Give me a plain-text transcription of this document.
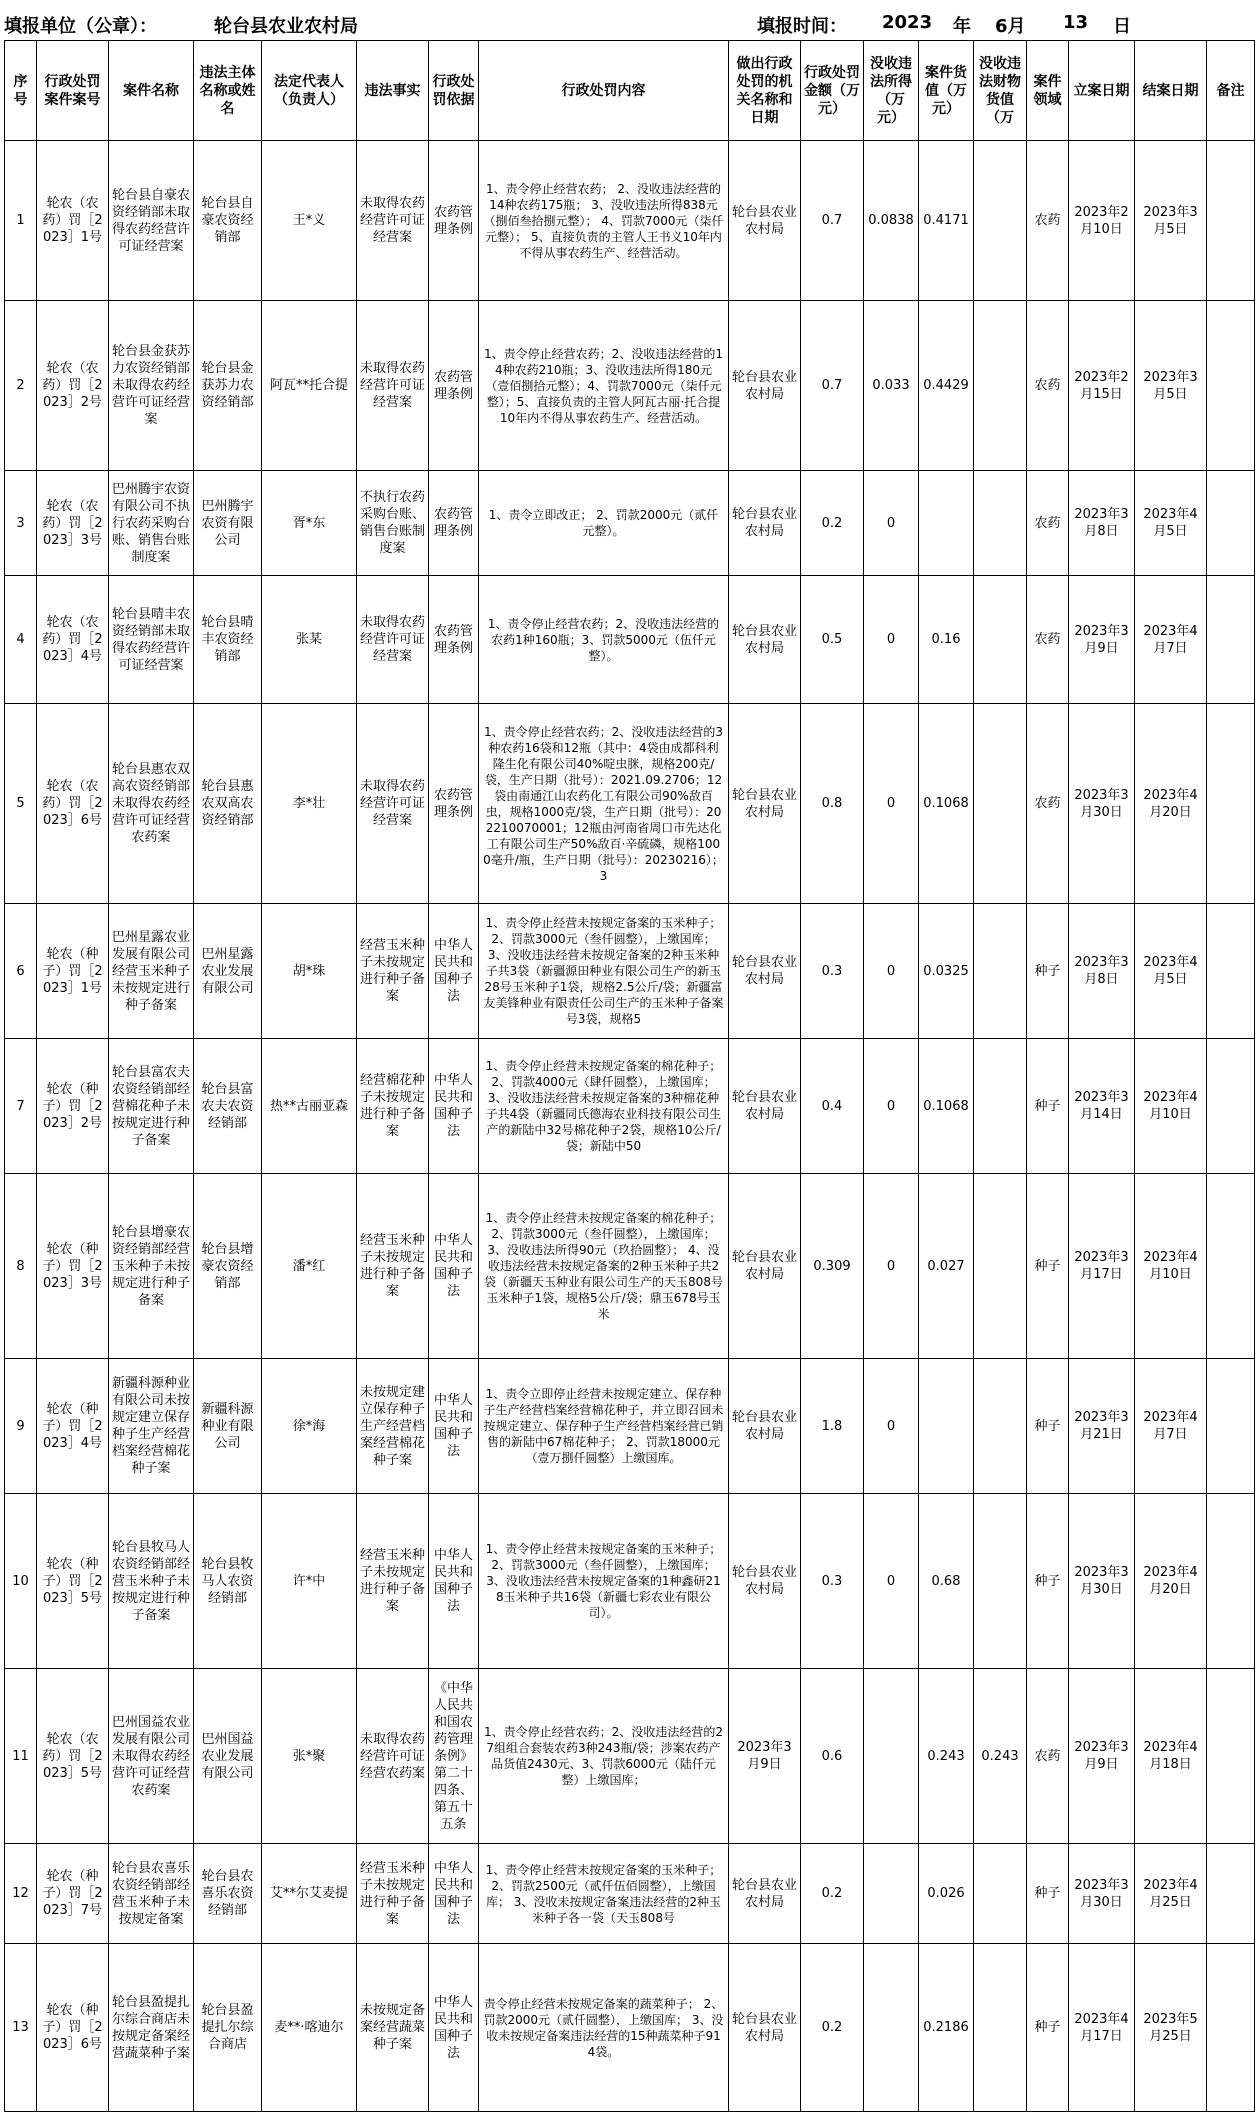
填报单位（公章）：	轮台县农业农村局	填报时间： 2023 年 6月 13 日
序号	行政处罚案件案号	案件名称	违法主体名称或姓名	法定代表人（负责人）	违法事实	行政处罚依据	行政处罚内容	做出行政处罚的机关名称和日期	行政处罚金额（万元）	没收违法所得（万元）	案件货值（万元）	没收违法财物货值（万	案件领域	立案日期	结案日期	备注

1	轮农（农药）罚［2023］1号	轮台县自豪农资经销部未取得农药经营许可证经营案	轮台县自豪农资经销部	王*义	未取得农药经营许可证经营案	农药管理条例	1、责令停止经营农药； 2、没收违法经营的14种农药175瓶； 3、没收违法所得838元（捌佰叁拾捌元整）； 4、罚款7000元（柒仟元整）； 5、直接负责的主管人王书义10年内不得从事农药生产、经营活动。	轮台县农业农村局	0.7	0.0838	0.4171		农药	2023年2月10日	2023年3月5日	

2	轮农（农药）罚［2023］2号	轮台县金获苏力农资经销部未取得农药经营许可证经营案	轮台县金获苏力农资经销部	阿瓦**托合提	未取得农药经营许可证经营案	农药管理条例	1、责令停止经营农药；2、没收违法经营的14种农药210瓶；3、没收违法所得180元（壹佰捌拾元整）；4、罚款7000元（柒仟元整）；5、直接负责的主管人阿瓦古丽·托合提10年内不得从事农药生产、经营活动。	轮台县农业农村局	0.7	0.033	0.4429		农药	2023年2月15日	2023年3月5日	

3	轮农（农药）罚［2023］3号	巴州腾宇农资有限公司不执行农药采购台账、销售台账制度案	巴州腾宇农资有限公司	胥*东	不执行农药采购台账、销售台账制度案	农药管理条例	1、责令立即改正； 2、罚款2000元（贰仟元整）。	轮台县农业农村局	0.2	0			农药	2023年3月8日	2023年4月5日	

4	轮农（农药）罚［2023］4号	轮台县晴丰农资经销部未取得农药经营许可证经营案	轮台县晴丰农资经销部	张某	未取得农药经营许可证经营案	农药管理条例	1、责令停止经营农药；2、没收违法经营的农药1种160瓶；3、罚款5000元（伍仟元整）。	轮台县农业农村局	0.5	0	0.16		农药	2023年3月9日	2023年4月7日	

5	轮农（农药）罚［2023］6号	轮台县惠农双高农资经销部未取得农药经营许可证经营农药案	轮台县惠农双高农资经销部	李*壮	未取得农药经营许可证经营案	农药管理条例	1、责令停止经营农药；2、没收违法经营的3种农药16袋和12瓶（其中：4袋由成都科利隆生化有限公司40%啶虫脒，规格200克/袋，生产日期（批号）：2021.09.2706；12袋由南通江山农药化工有限公司90%敌百虫，规格1000克/袋，生产日期（批号）：202210070001；12瓶由河南省周口市先达化工有限公司生产50%敌百·辛硫磷，规格1000毫升/瓶，生产日期（批号）：20230216）；3	轮台县农业农村局	0.8	0	0.1068		农药	2023年3月30日	2023年4月20日	

6	轮农（种子）罚［2023］1号	巴州星露农业发展有限公司经营玉米种子未按规定进行种子备案	巴州星露农业发展有限公司	胡*珠	经营玉米种子未按规定进行种子备案	中华人民共和国种子法	1、责令停止经营未按规定备案的玉米种子；2、罚款3000元（叁仟圆整），上缴国库；3、没收违法经营未按规定备案的2种玉米种子共3袋（新疆源田种业有限公司生产的新玉28号玉米种子1袋，规格2.5公斤/袋；新疆富友美锋种业有限责任公司生产的玉米种子备案号3袋，规格5	轮台县农业农村局	0.3	0	0.0325		种子	2023年3月8日	2023年4月5日	

7	轮农（种子）罚［2023］2号	轮台县富农夫农资经销部经营棉花种子未按规定进行种子备案	轮台县富农夫农资经销部	热**古丽亚森	经营棉花种子未按规定进行种子备案	中华人民共和国种子法	1、责令停止经营未按规定备案的棉花种子； 2、罚款4000元（肆仟圆整），上缴国库； 3、没收违法经营未按规定备案的3种棉花种子共4袋（新疆同氏德海农业科技有限公司生产的新陆中32号棉花种子2袋，规格10公斤/袋；新陆中50	轮台县农业农村局	0.4	0	0.1068		种子	2023年3月14日	2023年4月10日	

8	轮农（种子）罚［2023］3号	轮台县增豪农资经销部经营玉米种子未按规定进行种子备案	轮台县增豪农资经销部	潘*红	经营玉米种子未按规定进行种子备案	中华人民共和国种子法	1、责令停止经营未按规定备案的棉花种子； 2、罚款3000元（叁仟圆整），上缴国库； 3、没收违法所得90元（玖拾圆整）； 4、没收违法经营未按规定备案的2种玉米种子共2袋（新疆天玉种业有限公司生产的天玉808号玉米种子1袋，规格5公斤/袋；鼎玉678号玉米	轮台县农业农村局	0.309	0	0.027		种子	2023年3月17日	2023年4月10日	

9	轮农（种子）罚［2023］4号	新疆科源种业有限公司未按规定建立保存种子生产经营档案经营棉花种子案	新疆科源种业有限公司	徐*海	未按规定建立保存种子生产经营档案经营棉花种子案	中华人民共和国种子法	1、责令立即停止经营未按规定建立、保存种子生产经营档案经营棉花种子，并立即召回未按规定建立、保存种子生产经营档案经营已销售的新陆中67棉花种子； 2、罚款18000元（壹万捌仟圆整）上缴国库。	轮台县农业农村局	1.8	0			种子	2023年3月21日	2023年4月7日	

10	轮农（种子）罚［2023］5号	轮台县牧马人农资经销部经营玉米种子未按规定进行种子备案	轮台县牧马人农资经销部	许*中	经营玉米种子未按规定进行种子备案	中华人民共和国种子法	1、责令停止经营未按规定备案的玉米种子； 2、罚款3000元（叁仟圆整），上缴国库； 3、没收违法经营未按规定备案的1种鑫研218玉米种子共16袋（新疆七彩农业有限公司）。	轮台县农业农村局	0.3	0	0.68		种子	2023年3月30日	2023年4月20日	

11	轮农（农药）罚［2023］5号	巴州国益农业发展有限公司未取得农药经营许可证经营农药案	巴州国益农业发展有限公司	张*聚	未取得农药经营许可证经营农药案	《中华人民共和国农药管理条例》第二十四条、第五十五条	1、责令停止经营农药；2、没收违法经营的27组组合套装农药3种243瓶/袋；涉案农药产品货值2430元、3、罚款6000元（陆仟元整）上缴国库；	2023年3月9日	0.6		0.243	0.243	农药	2023年3月9日	2023年4月18日	

12	轮农（种子）罚［2023］7号	轮台县农喜乐农资经销部经营玉米种子未按规定备案	轮台县农喜乐农资经销部	艾**尔艾麦提	经营玉米种子未按规定进行种子备案	中华人民共和国种子法	1、责令停止经营未按规定备案的玉米种子； 2、罚款2500元（贰仟伍佰圆整），上缴国库； 3、没收未按规定备案违法经营的2种玉米种子各一袋（天玉808号	轮台县农业农村局	0.2		0.026		种子	2023年3月30日	2023年4月25日	

13	轮农（种子）罚［2023］6号	轮台县盈提扎尔综合商店未按规定备案经营蔬菜种子案	轮台县盈提扎尔综合商店	麦**·喀迪尔	未按规定备案经营蔬菜种子案	中华人民共和国种子法	责令停止经营未按规定备案的蔬菜种子； 2、罚款2000元（贰仟圆整），上缴国库； 3、没收未按规定备案违法经营的15种蔬菜种子914袋。	轮台县农业农村局	0.2		0.2186		种子	2023年4月17日	2023年5月25日	
